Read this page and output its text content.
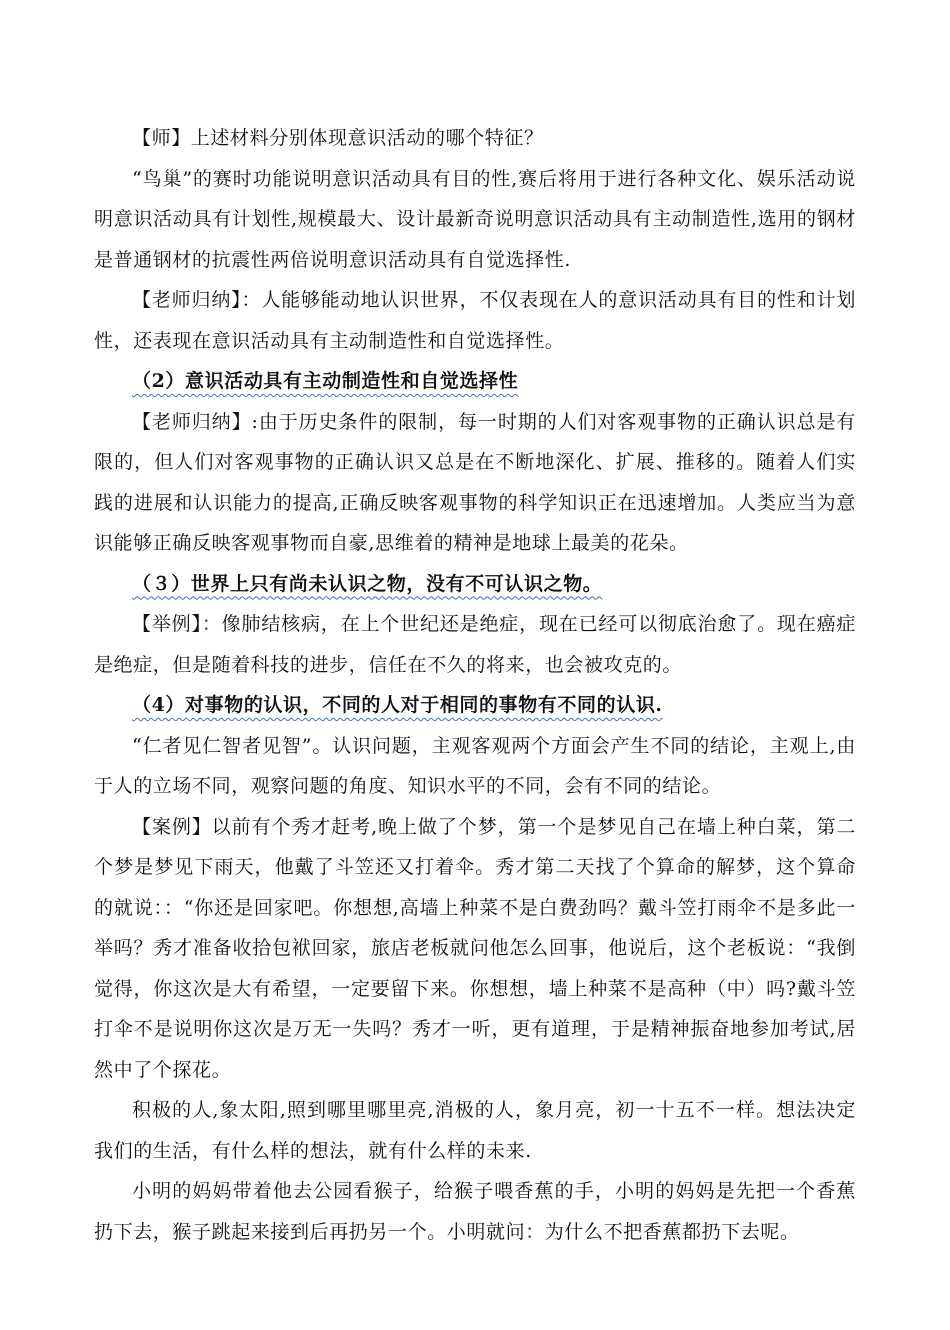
【师】上述材料分别体现意识活动的哪个特征？

“鸟巢”的赛时功能说明意识活动具有目的性,赛后将用于进行各种文化、娱乐活动说明意识活动具有计划性,规模最大、设计最新奇说明意识活动具有主动制造性,选用的钢材是普通钢材的抗震性两倍说明意识活动具有自觉选择性.

【老师归纳】：人能够能动地认识世界，不仅表现在人的意识活动具有目的性和计划性，还表现在意识活动具有主动制造性和自觉选择性。

（2）意识活动具有主动制造性和自觉选择性

【老师归纳】:由于历史条件的限制，每一时期的人们对客观事物的正确认识总是有限的，但人们对客观事物的正确认识又总是在不断地深化、扩展、推移的。随着人们实践的进展和认识能力的提高,正确反映客观事物的科学知识正在迅速增加。人类应当为意识能够正确反映客观事物而自豪,思维着的精神是地球上最美的花朵。

（３）世界上只有尚未认识之物，没有不可认识之物。

【举例】：像肺结核病，在上个世纪还是绝症，现在已经可以彻底治愈了。现在癌症是绝症，但是随着科技的进步，信任在不久的将来，也会被攻克的。

（4）对事物的认识，不同的人对于相同的事物有不同的认识.

“仁者见仁智者见智”。认识问题，主观客观两个方面会产生不同的结论，主观上,由于人的立场不同，观察问题的角度、知识水平的不同，会有不同的结论。

【案例】以前有个秀才赶考,晚上做了个梦，第一个是梦见自己在墙上种白菜，第二个梦是梦见下雨天，他戴了斗笠还又打着伞。秀才第二天找了个算命的解梦，这个算命的就说：：“你还是回家吧。你想想,高墙上种菜不是白费劲吗？戴斗笠打雨伞不是多此一举吗？秀才准备收拾包袱回家，旅店老板就问他怎么回事，他说后，这个老板说：“我倒觉得，你这次是大有希望，一定要留下来。你想想，墙上种菜不是高种（中）吗?戴斗笠打伞不是说明你这次是万无一失吗？秀才一听，更有道理，于是精神振奋地参加考试,居然中了个探花。

积极的人,象太阳,照到哪里哪里亮,消极的人，象月亮，初一十五不一样。想法决定我们的生活，有什么样的想法，就有什么样的未来.

小明的妈妈带着他去公园看猴子，给猴子喂香蕉的手，小明的妈妈是先把一个香蕉扔下去，猴子跳起来接到后再扔另一个。小明就问：为什么不把香蕉都扔下去呢。
